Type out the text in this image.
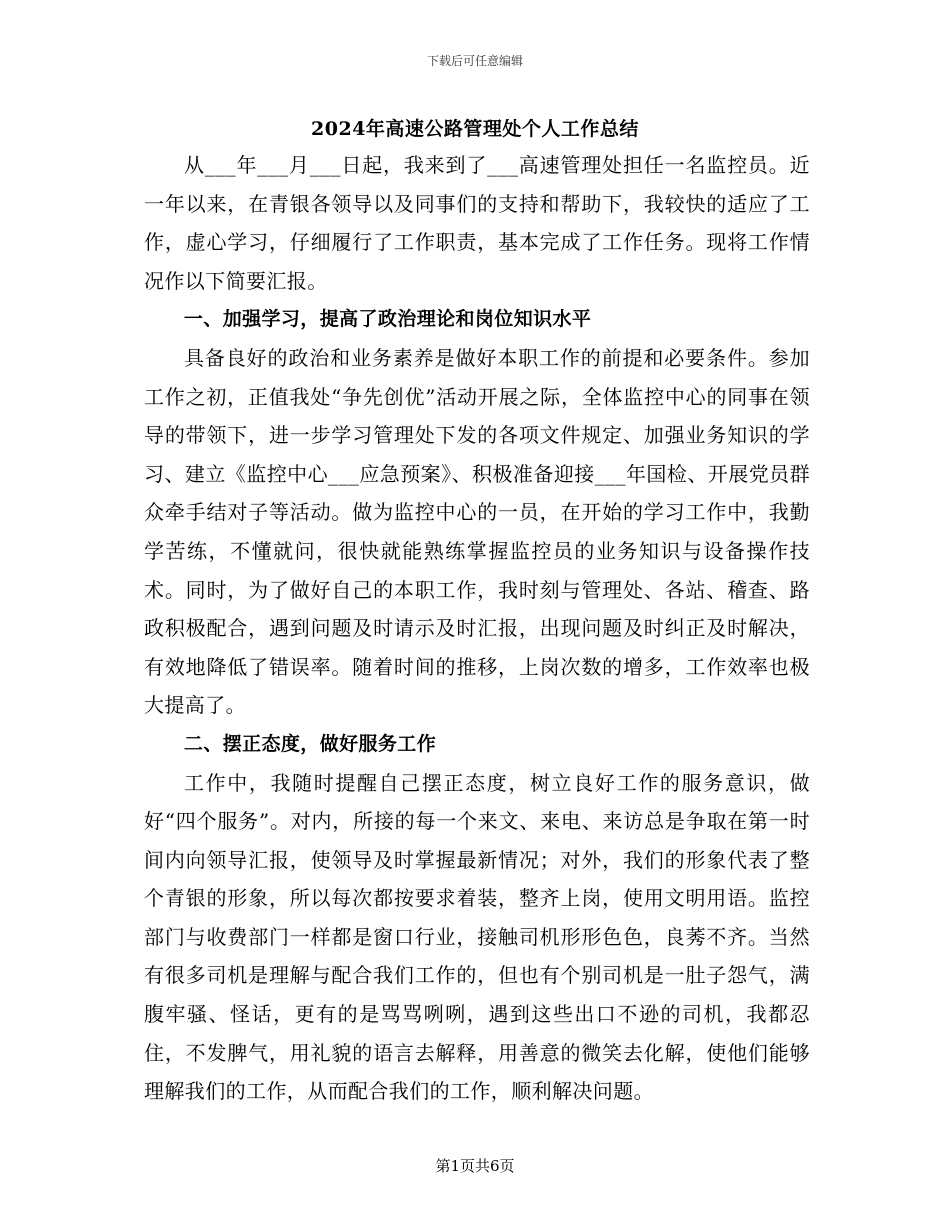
下载后可任意编辑
2024年高速公路管理处个人工作总结

从___年___月___日起，我来到了___高速管理处担任一名监控员。近一年以来，在青银各领导以及同事们的支持和帮助下，我较快的适应了工作，虚心学习，仔细履行了工作职责，基本完成了工作任务。现将工作情况作以下简要汇报。

一、加强学习，提高了政治理论和岗位知识水平

具备良好的政治和业务素养是做好本职工作的前提和必要条件。参加工作之初，正值我处“争先创优”活动开展之际，全体监控中心的同事在领导的带领下，进一步学习管理处下发的各项文件规定、加强业务知识的学习、建立《监控中心___应急预案》、积极准备迎接___年国检、开展党员群众牵手结对子等活动。做为监控中心的一员，在开始的学习工作中，我勤学苦练，不懂就问，很快就能熟练掌握监控员的业务知识与设备操作技术。同时，为了做好自己的本职工作，我时刻与管理处、各站、稽查、路政积极配合，遇到问题及时请示及时汇报，出现问题及时纠正及时解决，有效地降低了错误率。随着时间的推移，上岗次数的增多，工作效率也极大提高了。

二、摆正态度，做好服务工作

工作中，我随时提醒自己摆正态度，树立良好工作的服务意识，做好“四个服务”。对内，所接的每一个来文、来电、来访总是争取在第一时间内向领导汇报，使领导及时掌握最新情况；对外，我们的形象代表了整个青银的形象，所以每次都按要求着装，整齐上岗，使用文明用语。监控部门与收费部门一样都是窗口行业，接触司机形形色色，良莠不齐。当然有很多司机是理解与配合我们工作的，但也有个别司机是一肚子怨气，满腹牢骚、怪话，更有的是骂骂咧咧，遇到这些出口不逊的司机，我都忍住，不发脾气，用礼貌的语言去解释，用善意的微笑去化解，使他们能够理解我们的工作，从而配合我们的工作，顺利解决问题。

第1页共6页
